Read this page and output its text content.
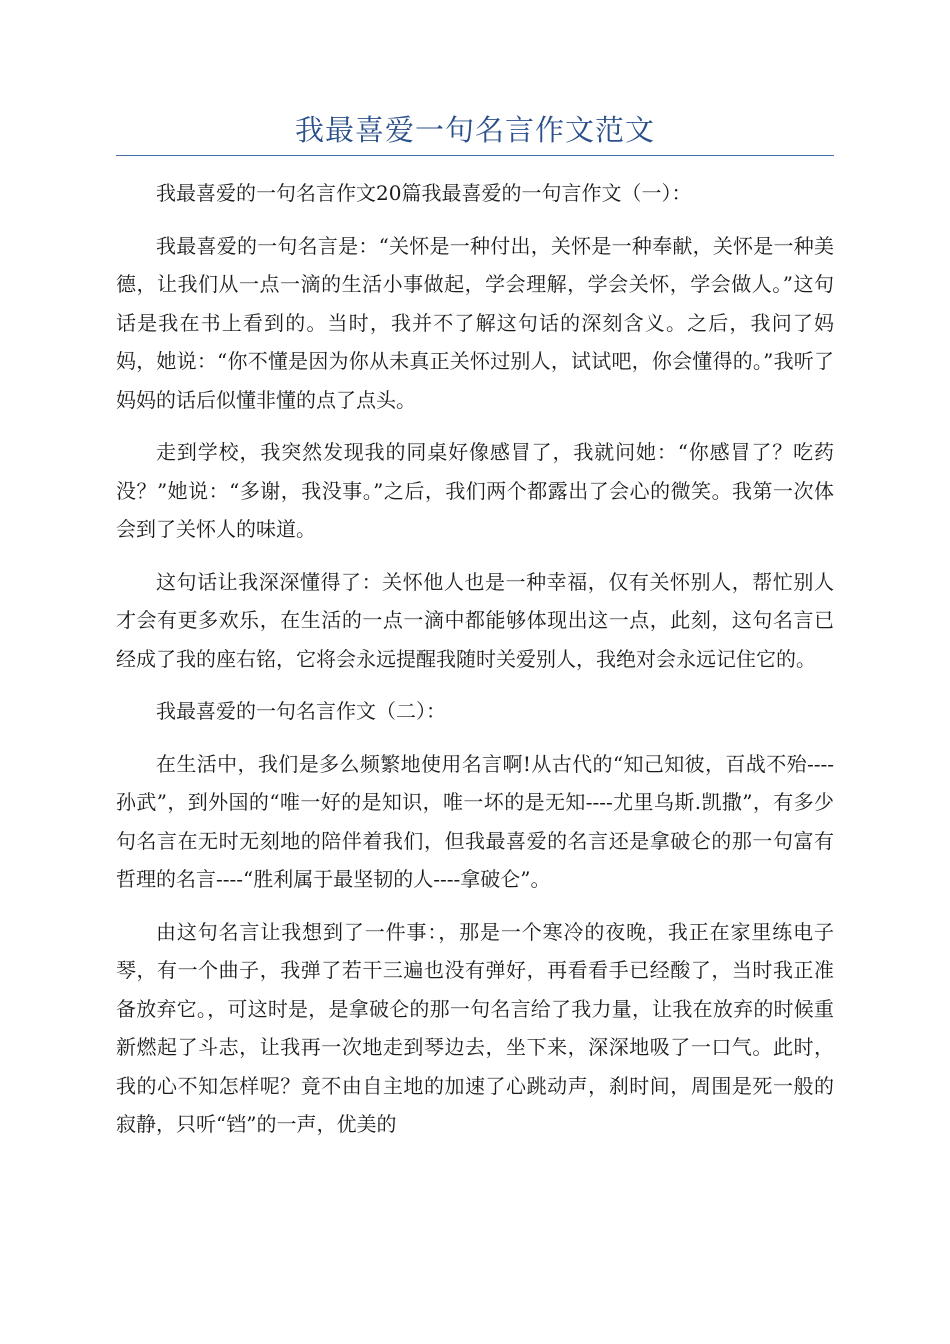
我最喜爱一句名言作文范文

我最喜爱的一句名言作文20篇我最喜爱的一句言作文（一）：

我最喜爱的一句名言是：“关怀是一种付出，关怀是一种奉献，关怀是一种美德，让我们从一点一滴的生活小事做起，学会理解，学会关怀，学会做人。”这句话是我在书上看到的。当时，我并不了解这句话的深刻含义。之后，我问了妈妈，她说：“你不懂是因为你从未真正关怀过别人，试试吧，你会懂得的。”我听了妈妈的话后似懂非懂的点了点头。

走到学校，我突然发现我的同桌好像感冒了，我就问她：“你感冒了？吃药没？”她说：“多谢，我没事。”之后，我们两个都露出了会心的微笑。我第一次体会到了关怀人的味道。

这句话让我深深懂得了：关怀他人也是一种幸福，仅有关怀别人，帮忙别人才会有更多欢乐，在生活的一点一滴中都能够体现出这一点，此刻，这句名言已经成了我的座右铭，它将会永远提醒我随时关爱别人，我绝对会永远记住它的。

我最喜爱的一句名言作文（二）：

在生活中，我们是多么频繁地使用名言啊!从古代的“知己知彼，百战不殆----孙武”，到外国的“唯一好的是知识，唯一坏的是无知----尤里乌斯.凯撒”，有多少句名言在无时无刻地的陪伴着我们，但我最喜爱的名言还是拿破仑的那一句富有哲理的名言----“胜利属于最坚韧的人----拿破仑”。

由这句名言让我想到了一件事：，那是一个寒冷的夜晚，我正在家里练电子琴，有一个曲子，我弹了若干三遍也没有弹好，再看看手已经酸了，当时我正准备放弃它。，可这时是，是拿破仑的那一句名言给了我力量，让我在放弃的时候重新燃起了斗志，让我再一次地走到琴边去，坐下来，深深地吸了一口气。此时，我的心不知怎样呢？竟不由自主地的加速了心跳动声，刹时间，周围是死一般的寂静，只听“铛”的一声，优美的
